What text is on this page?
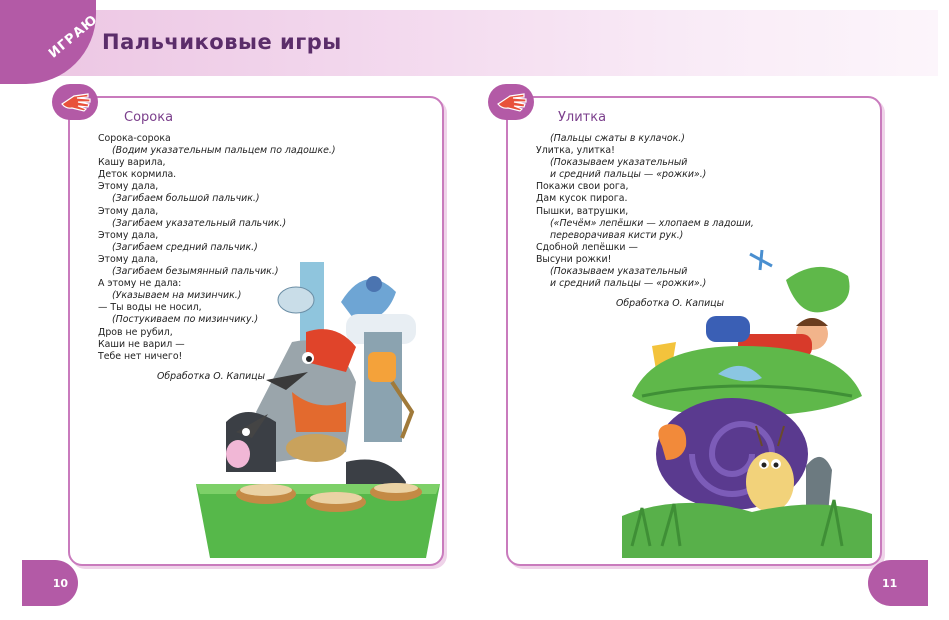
ИГРАЮ Пальчиковые игры
Сорока
Сорока-сорока
(Водим указательным пальцем по ладошке.)
Кашу варила,
Деток кормила.
Этому дала,
(Загибаем большой пальчик.)
Этому дала,
(Загибаем указательный пальчик.)
Этому дала,
(Загибаем средний пальчик.)
Этому дала,
(Загибаем безымянный пальчик.)
А этому не дала:
(Указываем на мизинчик.)
— Ты воды не носил,
(Постукиваем по мизинчику.)
Дров не рубил,
Каши не варил —
Тебе нет ничего!
Обработка О. Капицы
10
Улитка
(Пальцы сжаты в кулачок.)
Улитка, улитка!
(Показываем указательный
и средний пальцы — «рожки».)
Покажи свои рога,
Дам кусок пирога.
Пышки, ватрушки,
(«Печём» лепёшки — хлопаем в ладоши,
переворачивая кисти рук.)
Сдобной лепёшки —
Высуни рожки!
(Показываем указательный
и средний пальцы — «рожки».)
Обработка О. Капицы
11
